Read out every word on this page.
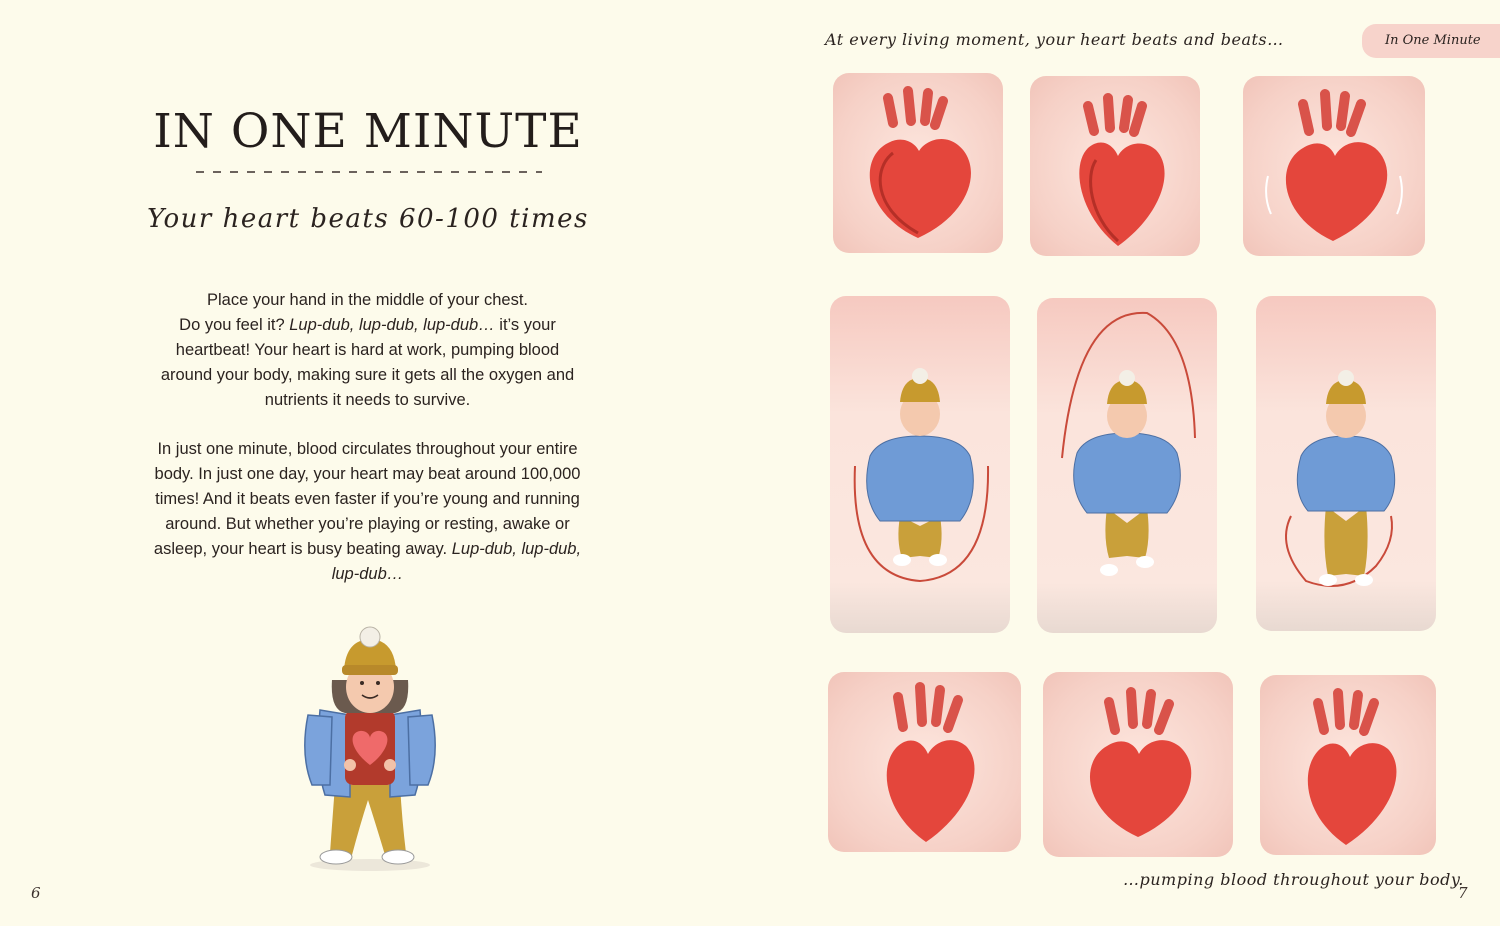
IN ONE MINUTE
Your heart beats 60-100 times
Place your hand in the middle of your chest.
Do you feel it? Lup-dub, lup-dub, lup-dub… it’s your heartbeat! Your heart is hard at work, pumping blood around your body, making sure it gets all the oxygen and nutrients it needs to survive.
In just one minute, blood circulates throughout your entire body. In just one day, your heart may beat around 100,000 times! And it beats even faster if you’re young and running around. But whether you’re playing or resting, awake or asleep, your heart is busy beating away. Lup-dub, lup-dub, lup-dub…
6
At every living moment, your heart beats and beats…	In One Minute
…pumping blood throughout your body.
7
